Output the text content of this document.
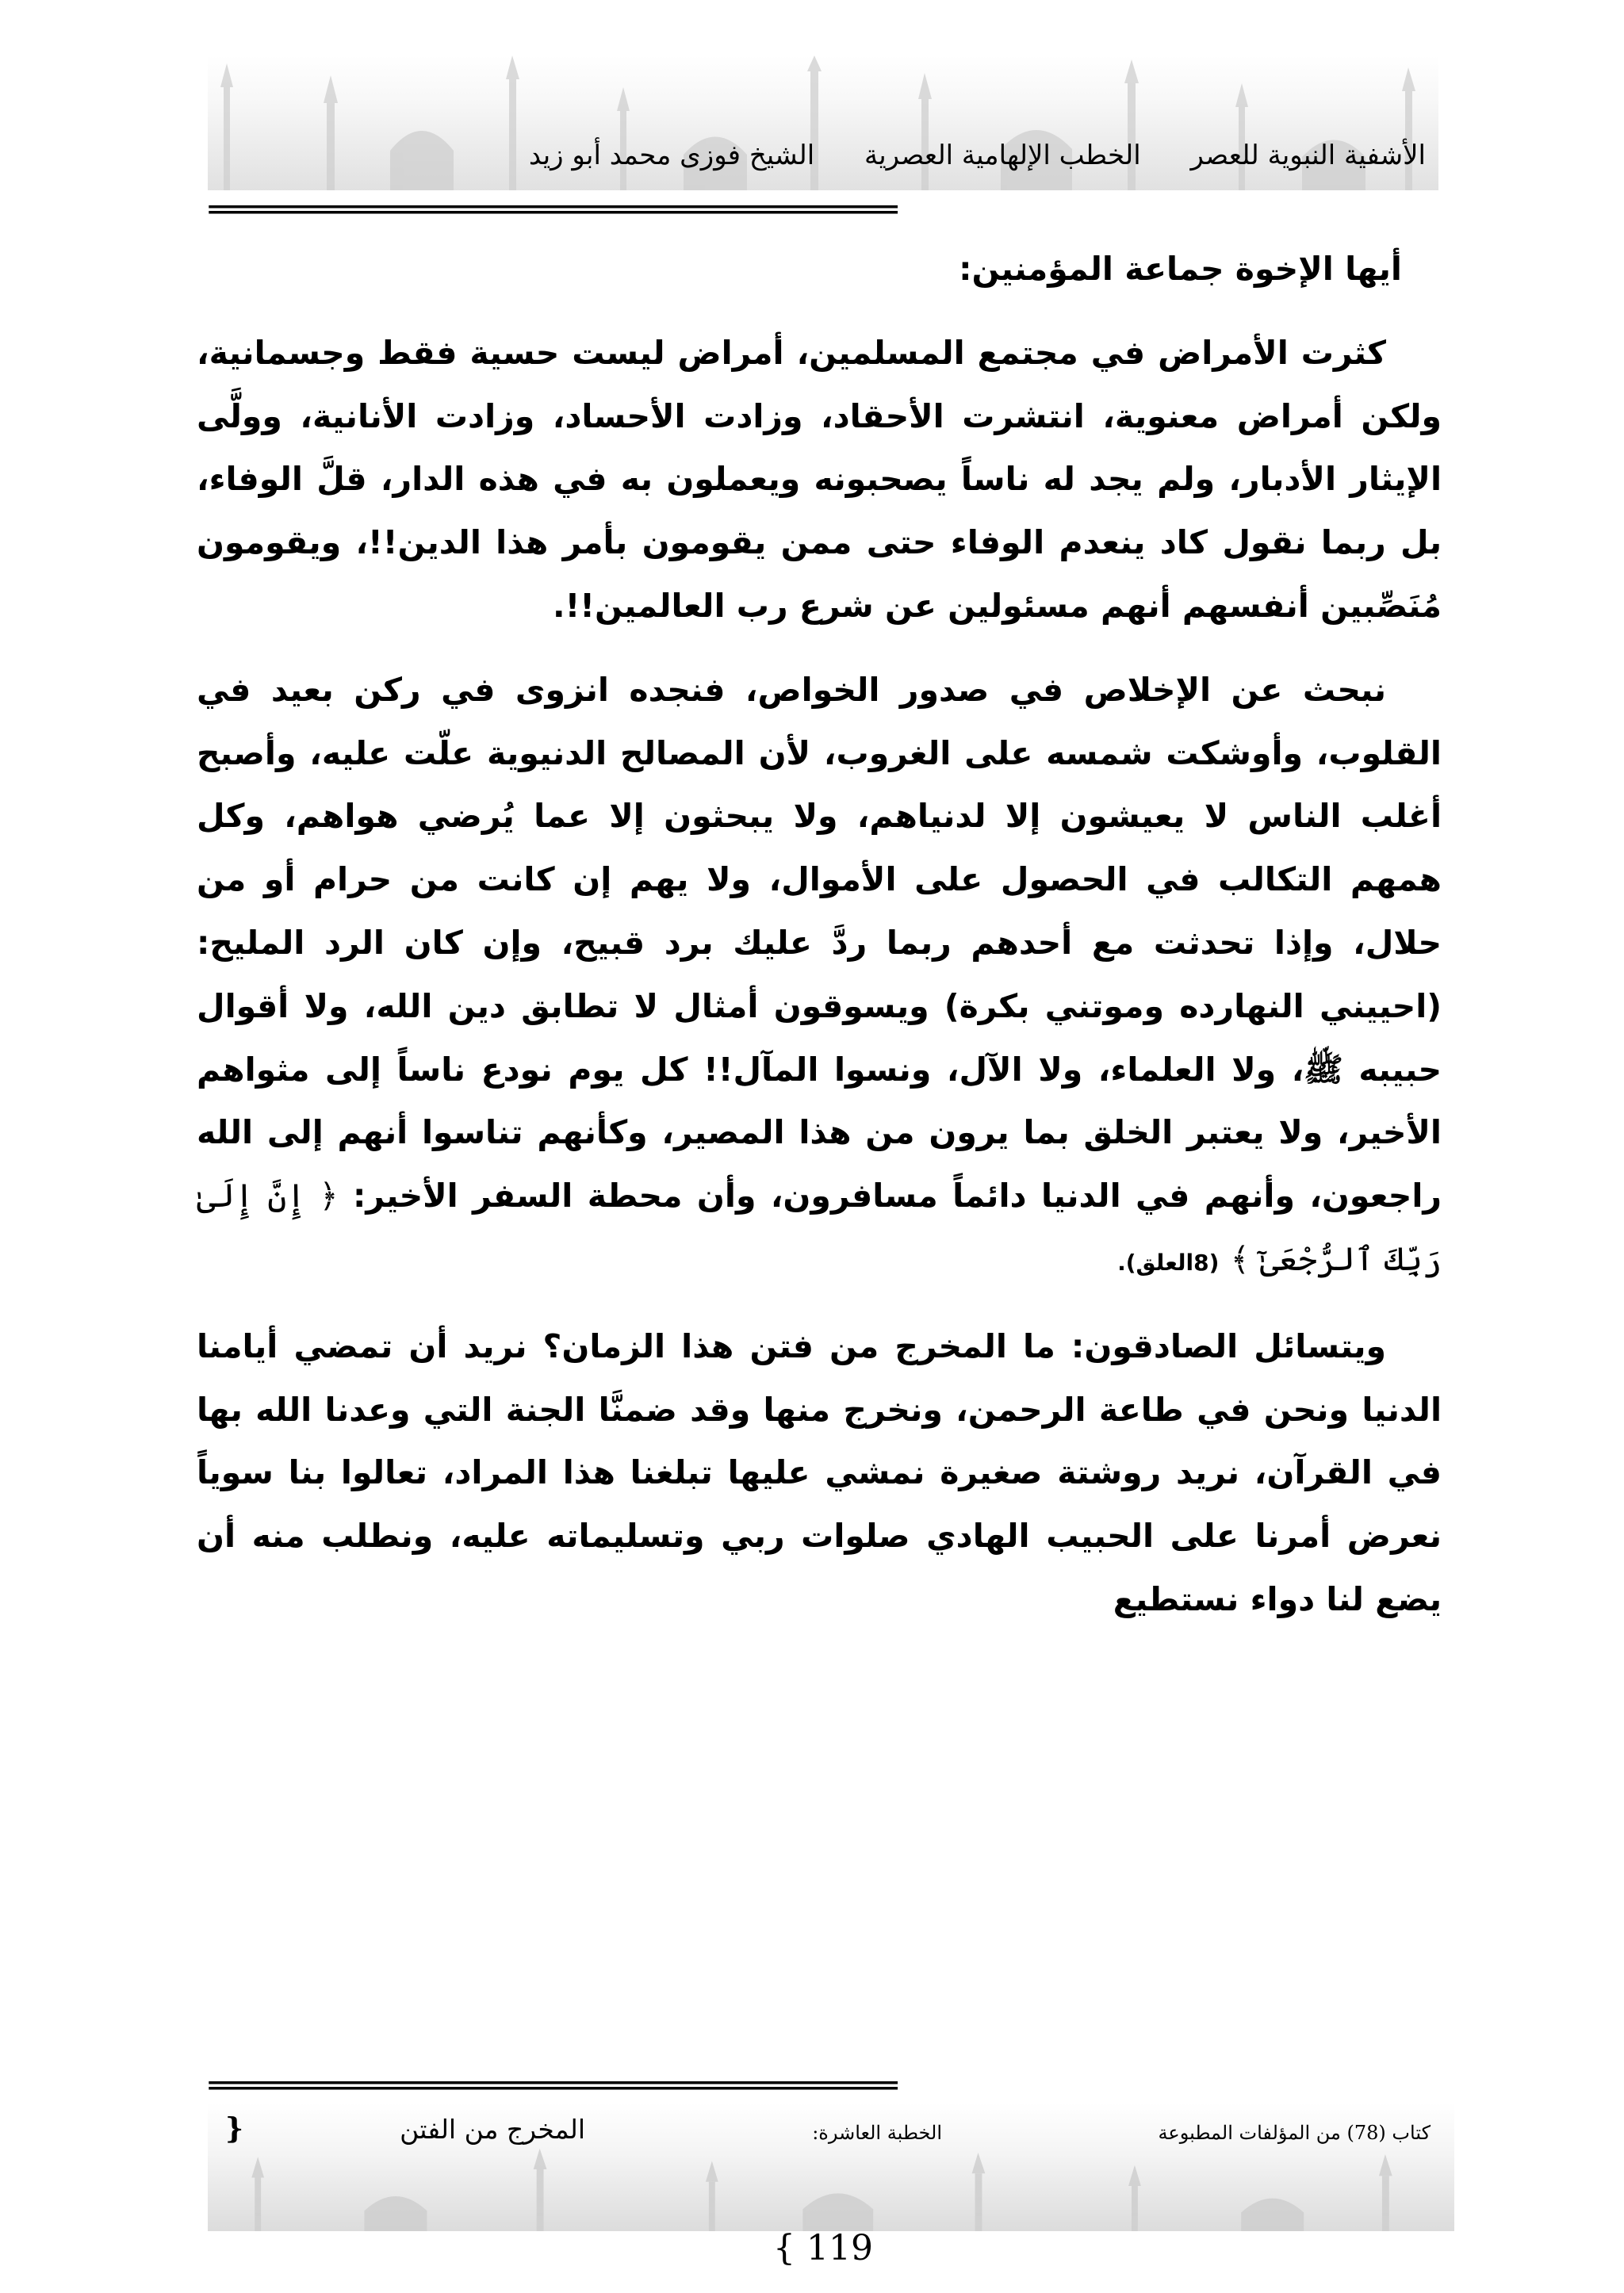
الأشفية النبوية للعصر الخطب الإلهامية العصرية الشيخ فوزى محمد أبو زيد
============================================================

أيها الإخوة جماعة المؤمنين:

كثرت الأمراض في مجتمع المسلمين، أمراض ليست حسية فقط وجسمانية، ولكن أمراض معنوية، انتشرت الأحقاد، وزادت الأحساد، وزادت الأنانية، وولَّى الإيثار الأدبار، ولم يجد له ناساً يصحبونه ويعملون به في هذه الدار، قلَّ الوفاء، بل ربما نقول كاد ينعدم الوفاء حتى ممن يقومون بأمر هذا الدين!!، ويقومون مُنَصِّبين أنفسهم أنهم مسئولين عن شرع رب العالمين!!.

نبحث عن الإخلاص في صدور الخواص، فنجده انزوى في ركن بعيد في القلوب، وأوشكت شمسه على الغروب، لأن المصالح الدنيوية علّت عليه، وأصبح أغلب الناس لا يعيشون إلا لدنياهم، ولا يبحثون إلا عما يُرضي هواهم، وكل همهم التكالب في الحصول على الأموال، ولا يهم إن كانت من حرام أو من حلال، وإذا تحدثت مع أحدهم ربما ردَّ عليك برد قبيح، وإن كان الرد المليح: (احييني النهارده وموتني بكرة) ويسوقون أمثال لا تطابق دين الله، ولا أقوال حبيبه ﷺ، ولا العلماء، ولا الآل، ونسوا المآل!! كل يوم نودع ناساً إلى مثواهم الأخير، ولا يعتبر الخلق بما يرون من هذا المصير، وكأنهم تناسوا أنهم إلى الله راجعون، وأنهم في الدنيا دائماً مسافرون، وأن محطة السفر الأخير: ﴿ إِنَّ إِلَىٰ رَبِّكَ ٱلرُّجْعَىٰٓ ﴾ (8العلق).

ويتسائل الصادقون: ما المخرج من فتن هذا الزمان؟ نريد أن تمضي أيامنا الدنيا ونحن في طاعة الرحمن، ونخرج منها وقد ضمنَّا الجنة التي وعدنا الله بها في القرآن، نريد روشتة صغيرة نمشي عليها تبلغنا هذا المراد، تعالوا بنا سوياً نعرض أمرنا على الحبيب الهادي صلوات ربي وتسليماته عليه، ونطلب منه أن يضع لنا دواء نستطيع

============================================================
كتاب (78) من المؤلفات المطبوعة
الخطبة العاشرة:
المخرج من الفتن
{
{ 119
